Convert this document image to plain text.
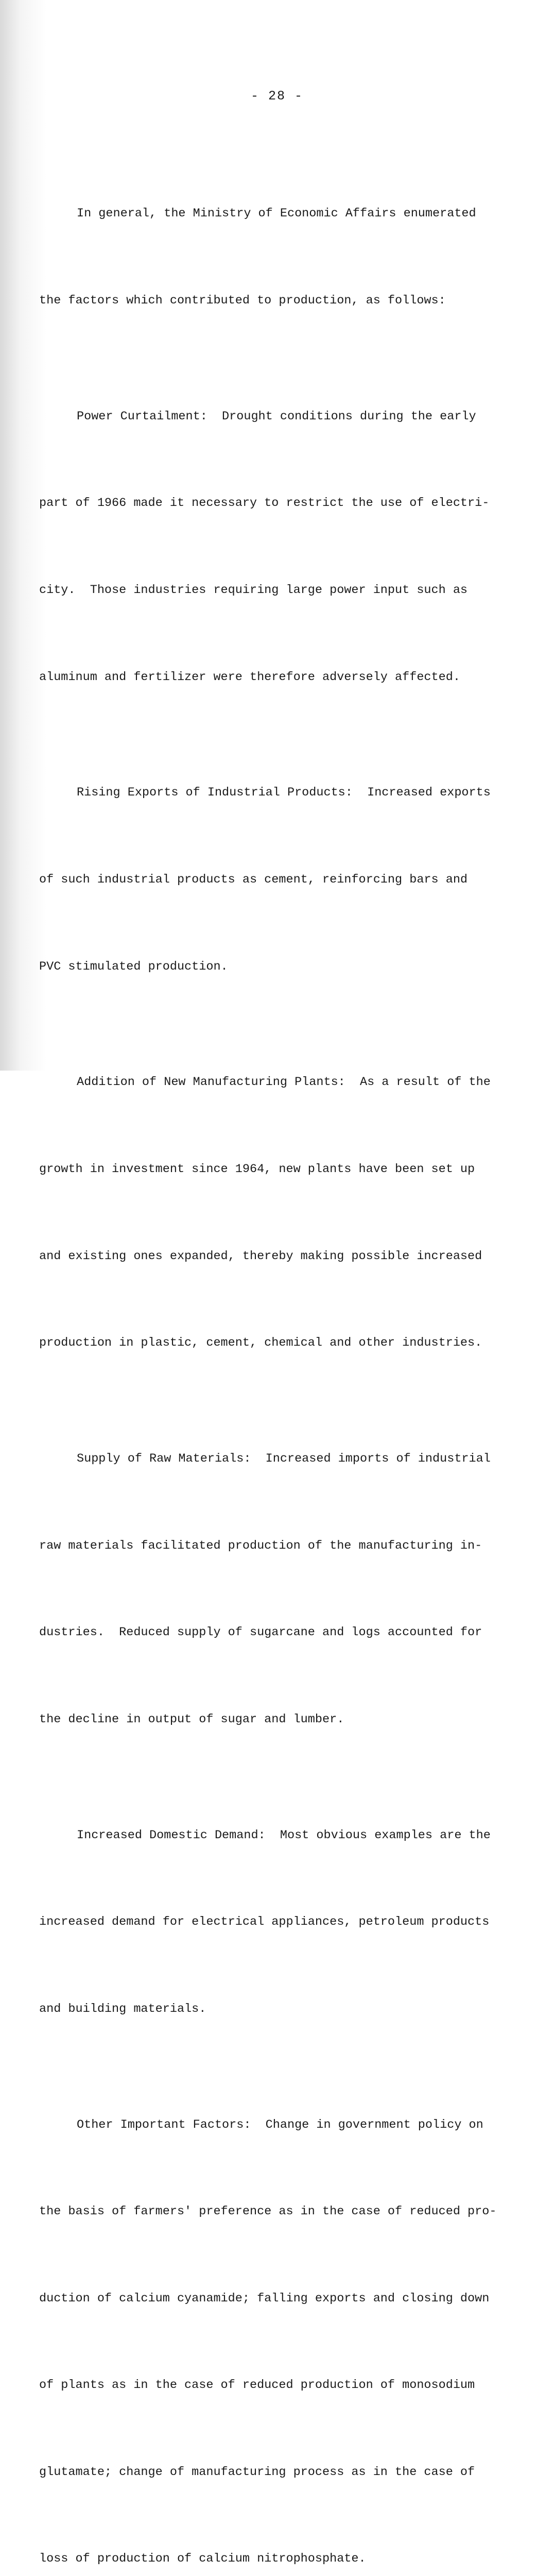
- 28 -

In general, the Ministry of Economic Affairs enumerated

the factors which contributed to production, as follows:

Power Curtailment:  Drought conditions during the early

part of 1966 made it necessary to restrict the use of electri-

city.  Those industries requiring large power input such as

aluminum and fertilizer were therefore adversely affected.

Rising Exports of Industrial Products:  Increased exports

of such industrial products as cement, reinforcing bars and

PVC stimulated production.

Addition of New Manufacturing Plants:  As a result of the

growth in investment since 1964, new plants have been set up

and existing ones expanded, thereby making possible increased

production in plastic, cement, chemical and other industries.

Supply of Raw Materials:  Increased imports of industrial

raw materials facilitated production of the manufacturing in-

dustries.  Reduced supply of sugarcane and logs accounted for

the decline in output of sugar and lumber.

Increased Domestic Demand:  Most obvious examples are the

increased demand for electrical appliances, petroleum products

and building materials.

Other Important Factors:  Change in government policy on

the basis of farmers' preference as in the case of reduced pro-

duction of calcium cyanamide; falling exports and closing down

of plants as in the case of reduced production of monosodium

glutamate; change of manufacturing process as in the case of

loss of production of calcium nitrophosphate.
